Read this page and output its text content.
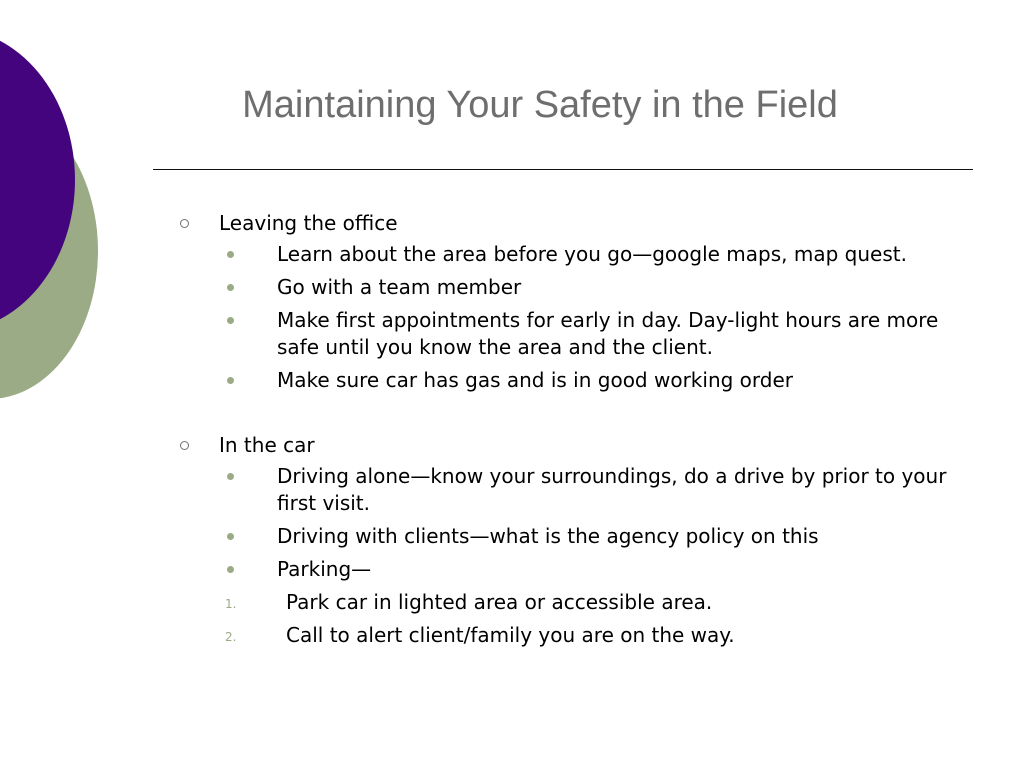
Maintaining Your Safety in the Field

Leaving the office

Learn about the area before you go—google maps, map quest.

Go with a team member

Make first appointments for early in day. Day-light hours are more safe until you know the area and the client.

Make sure car has gas and is in good working order

In the car

Driving alone—know your surroundings, do a drive by prior to your first visit.

Driving with clients—what is the agency policy on this

Parking—

1. Park car in lighted area or accessible area.

2. Call to alert client/family you are on the way.
